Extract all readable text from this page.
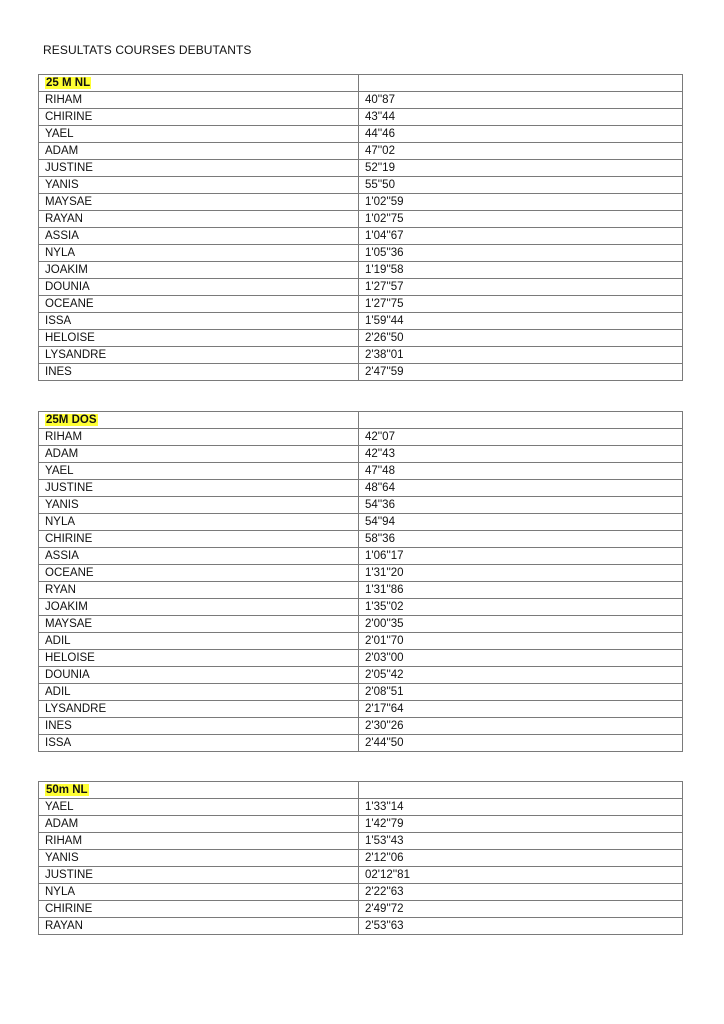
RESULTATS COURSES DEBUTANTS
25 M NL	
RIHAM	40''87
CHIRINE	43''44
YAEL	44''46
ADAM	47''02
JUSTINE	52''19
YANIS	55''50
MAYSAE	1'02''59
RAYAN	1'02''75
ASSIA	1'04''67
NYLA	1'05''36
JOAKIM	1'19''58
DOUNIA	1'27''57
OCEANE	1'27''75
ISSA	1'59''44
HELOISE	2'26''50
LYSANDRE	2'38''01
INES	2'47''59
25M DOS	
RIHAM	42''07
ADAM	42''43
YAEL	47''48
JUSTINE	48''64
YANIS	54''36
NYLA	54''94
CHIRINE	58''36
ASSIA	1'06''17
OCEANE	1'31''20
RYAN	1'31''86
JOAKIM	1'35''02
MAYSAE	2'00''35
ADIL	2'01''70
HELOISE	2'03''00
DOUNIA	2'05''42
ADIL	2'08''51
LYSANDRE	2'17''64
INES	2'30''26
ISSA	2'44''50
50m NL	
YAEL	1'33''14
ADAM	1'42''79
RIHAM	1'53''43
YANIS	2'12''06
JUSTINE	02'12''81
NYLA	2'22''63
CHIRINE	2'49''72
RAYAN	2'53''63
